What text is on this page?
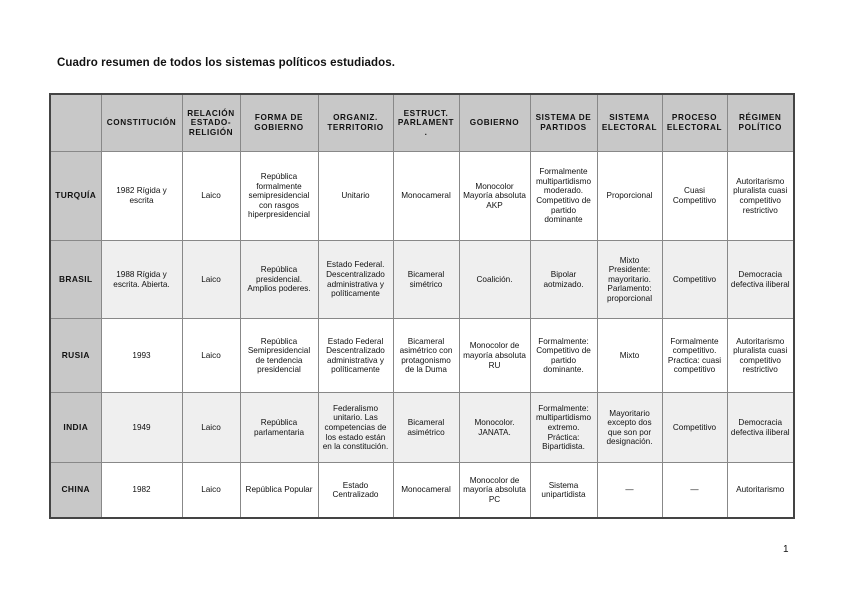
Cuadro resumen de todos los sistemas políticos estudiados.
	CONSTITUCIÓN	RELACIÓN ESTADO-RELIGIÓN	FORMA DE GOBIERNO	ORGANIZ. TERRITORIO	ESTRUCT. PARLAMENT .	GOBIERNO	SISTEMA DE PARTIDOS	SISTEMA ELECTORAL	PROCESO ELECTORAL	RÉGIMEN POLÍTICO
TURQUÍA	1982 Rígida y escrita	Laico	República formalmente semipresidencial con rasgos hiperpresidencial	Unitario	Monocameral	Monocolor Mayoría absoluta AKP	Formalmente multipartidismo moderado. Competitivo de partido dominante	Proporcional	Cuasi Competitivo	Autoritarismo pluralista cuasi competitivo restrictivo
BRASIL	1988 Rígida y escrita. Abierta.	Laico	República presidencial. Amplios poderes.	Estado Federal. Descentralizado administrativa y políticamente	Bicameral simétrico	Coalición.	Bipolar aotmizado.	Mixto Presidente: mayoritario. Parlamento: proporcional	Competitivo	Democracia defectiva iliberal
RUSIA	1993	Laico	República Semipresidencial de tendencia presidencial	Estado Federal Descentralizado administrativa y políticamente	Bicameral asimétrico con protagonismo de la Duma	Monocolor de mayoría absoluta RU	Formalmente: Competitivo de partido dominante.	Mixto	Formalmente competitivo. Practica: cuasi competitivo	Autoritarismo pluralista cuasi competitivo restrictivo
INDIA	1949	Laico	República parlamentaria	Federalismo unitario. Las competencias de los estado están en la constitución.	Bicameral asimétrico	Monocolor. JANATA.	Formalmente: multipartidismo extremo. Práctica: Bipartidista.	Mayoritario excepto dos que son por designación.	Competitivo	Democracia defectiva iliberal
CHINA	1982	Laico	República Popular	Estado Centralizado	Monocameral	Monocolor de mayoría absoluta PC	Sistema unipartidista	—	—	Autoritarismo
1
